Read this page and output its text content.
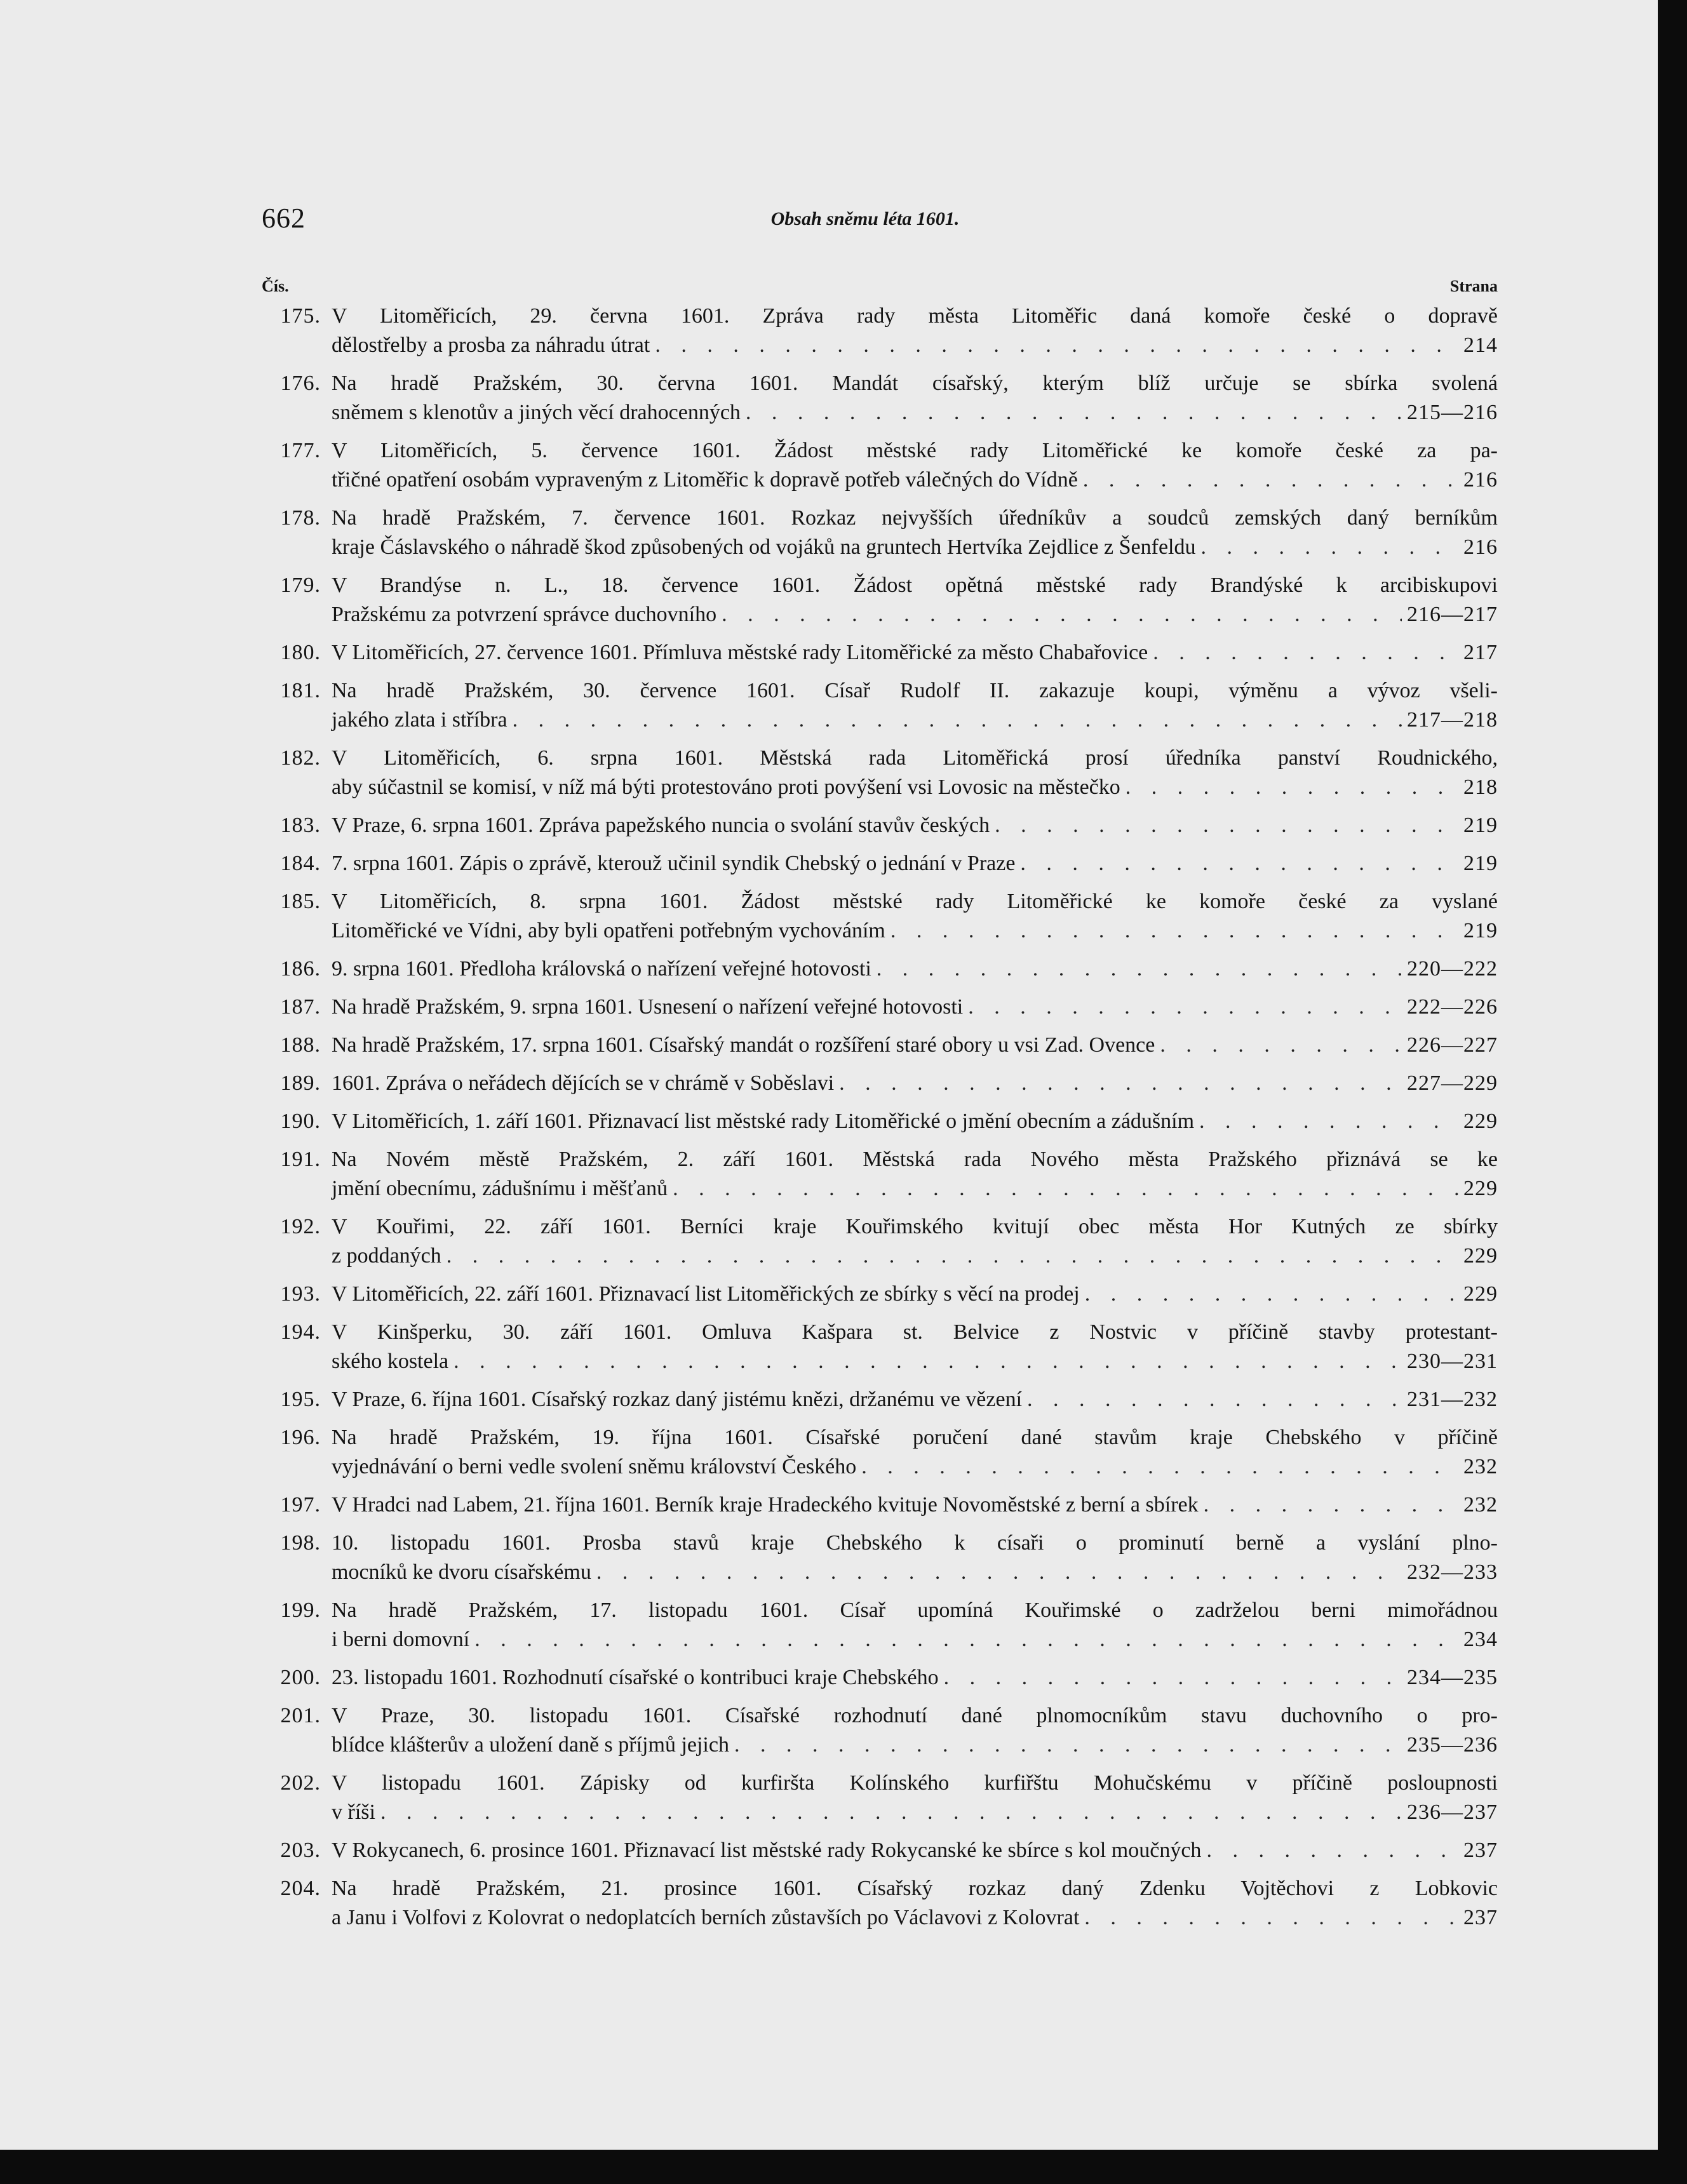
662	Obsah sněmu léta 1601.
Čís.	Strana
175. V Litoměřicích, 29. června 1601. Zpráva rady města Litoměřic daná komoře české o dopravě
dělostřelby a prosba za náhradu útrat . . .	214
176. Na hradě Pražském, 30. června 1601. Mandát císařský, kterým blíž určuje se sbírka svolená
sněmem s klenotův a jiných věcí drahocenných . . .	215—216
177. V Litoměřicích, 5. července 1601. Žádost městské rady Litoměřické ke komoře české za pa-
třičné opatření osobám vypraveným z Litoměřic k dopravě potřeb válečných do Vídně . . .	216
178. Na hradě Pražském, 7. července 1601. Rozkaz nejvyšších úředníkův a soudců zemských daný berníkům
kraje Čáslavského o náhradě škod způsobených od vojáků na gruntech Hertvíka Zejdlice z Šenfeldu . . .	216
179. V Brandýse n. L., 18. července 1601. Žádost opětná městské rady Brandýské k arcibiskupovi
Pražskému za potvrzení správce duchovního . . .	216—217
180. V Litoměřicích, 27. července 1601. Přímluva městské rady Litoměřické za město Chabařovice . . .	217
181. Na hradě Pražském, 30. července 1601. Císař Rudolf II. zakazuje koupi, výměnu a vývoz všeli-
jakého zlata i stříbra . . .	217—218
182. V Litoměřicích, 6. srpna 1601. Městská rada Litoměřická prosí úředníka panství Roudnického,
aby súčastnil se komisí, v níž má býti protestováno proti povýšení vsi Lovosic na městečko . . .	218
183. V Praze, 6. srpna 1601. Zpráva papežského nuncia o svolání stavův českých . . .	219
184. 7. srpna 1601. Zápis o zprávě, kterouž učinil syndik Chebský o jednání v Praze . . .	219
185. V Litoměřicích, 8. srpna 1601. Žádost městské rady Litoměřické ke komoře české za vyslané
Litoměřické ve Vídni, aby byli opatřeni potřebným vychováním . . .	219
186. 9. srpna 1601. Předloha královská o nařízení veřejné hotovosti . . .	220—222
187. Na hradě Pražském, 9. srpna 1601. Usnesení o nařízení veřejné hotovosti . . .	222—226
188. Na hradě Pražském, 17. srpna 1601. Císařský mandát o rozšíření staré obory u vsi Zad. Ovence . . .	226—227
189. 1601. Zpráva o neřádech dějících se v chrámě v Soběslavi . . .	227—229
190. V Litoměřicích, 1. září 1601. Přiznavací list městské rady Litoměřické o jmění obecním a zádušním . . .	229
191. Na Novém městě Pražském, 2. září 1601. Městská rada Nového města Pražského přiznává se ke
jmění obecnímu, zádušnímu i měšťanů . . .	229
192. V Kouřimi, 22. září 1601. Berníci kraje Kouřimského kvitují obec města Hor Kutných ze sbírky
z poddaných . . .	229
193. V Litoměřicích, 22. září 1601. Přiznavací list Litoměřických ze sbírky s věcí na prodej . . .	229
194. V Kinšperku, 30. září 1601. Omluva Kašpara st. Belvice z Nostvic v příčině stavby protestant-
ského kostela . . .	230—231
195. V Praze, 6. října 1601. Císařský rozkaz daný jistému knězi, držanému ve vězení . . .	231—232
196. Na hradě Pražském, 19. října 1601. Císařské poručení dané stavům kraje Chebského v příčině
vyjednávání o berni vedle svolení sněmu království Českého . . .	232
197. V Hradci nad Labem, 21. října 1601. Berník kraje Hradeckého kvituje Novoměstské z berní a sbírek . . .	232
198. 10. listopadu 1601. Prosba stavů kraje Chebského k císaři o prominutí berně a vyslání plno-
mocníků ke dvoru císařskému . . .	232—233
199. Na hradě Pražském, 17. listopadu 1601. Císař upomíná Kouřimské o zadrželou berni mimořádnou
i berni domovní . . .	234
200. 23. listopadu 1601. Rozhodnutí císařské o kontribuci kraje Chebského . . .	234—235
201. V Praze, 30. listopadu 1601. Císařské rozhodnutí dané plnomocníkům stavu duchovního o pro-
blídce klášterův a uložení daně s příjmů jejich . . .	235—236
202. V listopadu 1601. Zápisky od kurfiršta Kolínského kurfiřštu Mohučskému v příčině posloupnosti
v říši . . .	236—237
203. V Rokycanech, 6. prosince 1601. Přiznavací list městské rady Rokycanské ke sbírce s kol moučných . . .	237
204. Na hradě Pražském, 21. prosince 1601. Císařský rozkaz daný Zdenku Vojtěchovi z Lobkovic
a Janu i Volfovi z Kolovrat o nedoplatcích berních zůstavších po Václavovi z Kolovrat . . .	237
